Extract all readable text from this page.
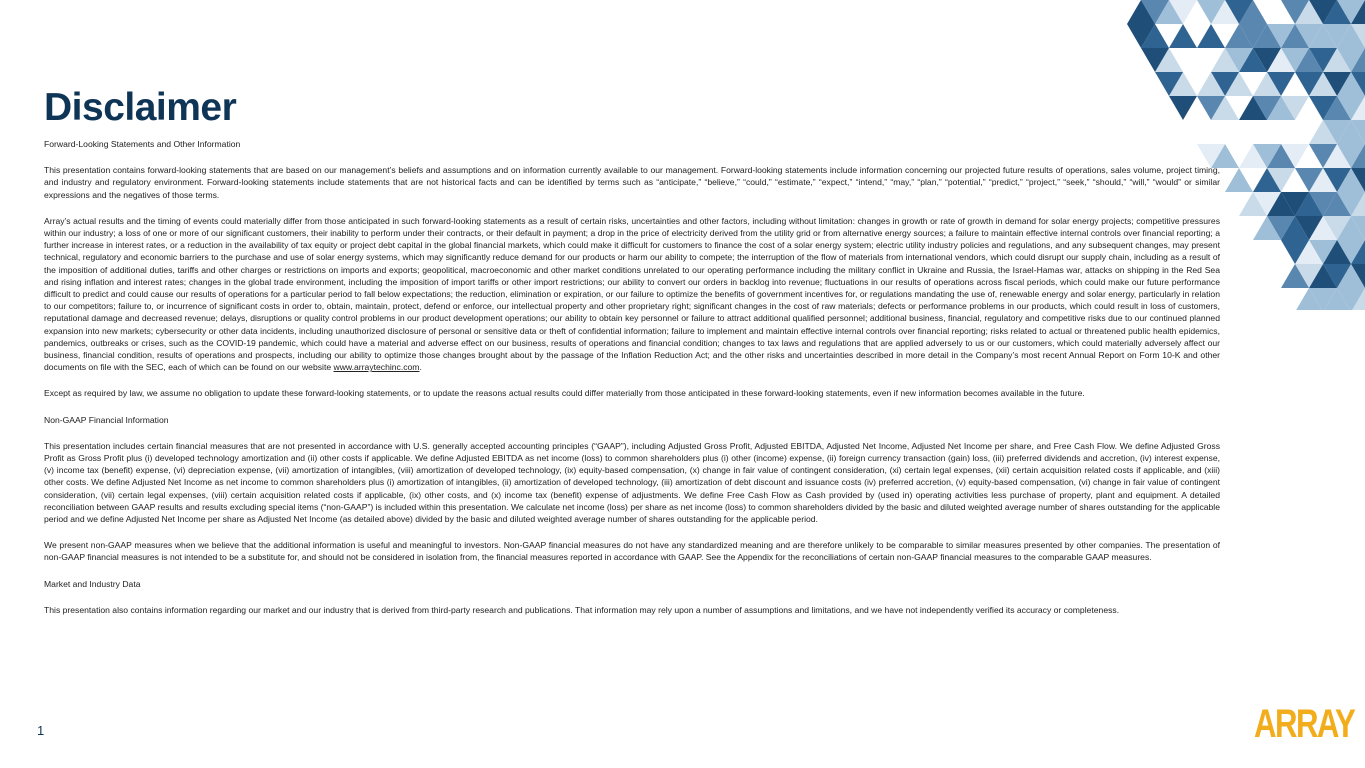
Disclaimer
Forward-Looking Statements and Other Information

This presentation contains forward-looking statements that are based on our management’s beliefs and assumptions and on information currently available to our management. Forward-looking statements include information concerning our projected future results of operations, sales volume, project timing, and industry and regulatory environment. Forward-looking statements include statements that are not historical facts and can be identified by terms such as “anticipate,” “believe,” “could,” “estimate,” “expect,” “intend,” “may,” “plan,” “potential,” “predict,” “project,” “seek,” “should,” “will,” “would” or similar expressions and the negatives of those terms.

Array’s actual results and the timing of events could materially differ from those anticipated in such forward-looking statements as a result of certain risks, uncertainties and other factors, including without limitation: changes in growth or rate of growth in demand for solar energy projects; competitive pressures within our industry; a loss of one or more of our significant customers, their inability to perform under their contracts, or their default in payment; a drop in the price of electricity derived from the utility grid or from alternative energy sources; a failure to maintain effective internal controls over financial reporting; a further increase in interest rates, or a reduction in the availability of tax equity or project debt capital in the global financial markets, which could make it difficult for customers to finance the cost of a solar energy system; electric utility industry policies and regulations, and any subsequent changes, may present technical, regulatory and economic barriers to the purchase and use of solar energy systems, which may significantly reduce demand for our products or harm our ability to compete; the interruption of the flow of materials from international vendors, which could disrupt our supply chain, including as a result of the imposition of additional duties, tariffs and other charges or restrictions on imports and exports; geopolitical, macroeconomic and other market conditions unrelated to our operating performance including the military conflict in Ukraine and Russia, the Israel-Hamas war, attacks on shipping in the Red Sea and rising inflation and interest rates; changes in the global trade environment, including the imposition of import tariffs or other import restrictions; our ability to convert our orders in backlog into revenue; fluctuations in our results of operations across fiscal periods, which could make our future performance difficult to predict and could cause our results of operations for a particular period to fall below expectations; the reduction, elimination or expiration, or our failure to optimize the benefits of government incentives for, or regulations mandating the use of, renewable energy and solar energy, particularly in relation to our competitors; failure to, or incurrence of significant costs in order to, obtain, maintain, protect, defend or enforce, our intellectual property and other proprietary right; significant changes in the cost of raw materials; defects or performance problems in our products, which could result in loss of customers, reputational damage and decreased revenue; delays, disruptions or quality control problems in our product development operations; our ability to obtain key personnel or failure to attract additional qualified personnel; additional business, financial, regulatory and competitive risks due to our continued planned expansion into new markets; cybersecurity or other data incidents, including unauthorized disclosure of personal or sensitive data or theft of confidential information; failure to implement and maintain effective internal controls over financial reporting; risks related to actual or threatened public health epidemics, pandemics, outbreaks or crises, such as the COVID-19 pandemic, which could have a material and adverse effect on our business, results of operations and financial condition; changes to tax laws and regulations that are applied adversely to us or our customers, which could materially adversely affect our business, financial condition, results of operations and prospects, including our ability to optimize those changes brought about by the passage of the Inflation Reduction Act; and the other risks and uncertainties described in more detail in the Company’s most recent Annual Report on Form 10-K and other documents on file with the SEC, each of which can be found on our website www.arraytechinc.com.

Except as required by law, we assume no obligation to update these forward-looking statements, or to update the reasons actual results could differ materially from those anticipated in these forward-looking statements, even if new information becomes available in the future.

Non-GAAP Financial Information

This presentation includes certain financial measures that are not presented in accordance with U.S. generally accepted accounting principles (“GAAP”), including Adjusted Gross Profit, Adjusted EBITDA, Adjusted Net Income, Adjusted Net Income per share, and Free Cash Flow. We define Adjusted Gross Profit as Gross Profit plus (i) developed technology amortization and (ii) other costs if applicable. We define Adjusted EBITDA as net income (loss) to common shareholders plus (i) other (income) expense, (ii) foreign currency transaction (gain) loss, (iii) preferred dividends and accretion, (iv) interest expense, (v) income tax (benefit) expense, (vi) depreciation expense, (vii) amortization of intangibles, (viii) amortization of developed technology, (ix) equity-based compensation, (x) change in fair value of contingent consideration, (xi) certain legal expenses, (xii) certain acquisition related costs if applicable, and (xiii) other costs. We define Adjusted Net Income as net income to common shareholders plus (i) amortization of intangibles, (ii) amortization of developed technology, (iii) amortization of debt discount and issuance costs (iv) preferred accretion, (v) equity-based compensation, (vi) change in fair value of contingent consideration, (vii) certain legal expenses, (viii) certain acquisition related costs if applicable, (ix) other costs, and (x) income tax (benefit) expense of adjustments. We define Free Cash Flow as Cash provided by (used in) operating activities less purchase of property, plant and equipment. A detailed reconciliation between GAAP results and results excluding special items (“non-GAAP”) is included within this presentation. We calculate net income (loss) per share as net income (loss) to common shareholders divided by the basic and diluted weighted average number of shares outstanding for the applicable period and we define Adjusted Net Income per share as Adjusted Net Income (as detailed above) divided by the basic and diluted weighted average number of shares outstanding for the applicable period.

We present non-GAAP measures when we believe that the additional information is useful and meaningful to investors. Non-GAAP financial measures do not have any standardized meaning and are therefore unlikely to be comparable to similar measures presented by other companies. The presentation of non-GAAP financial measures is not intended to be a substitute for, and should not be considered in isolation from, the financial measures reported in accordance with GAAP. See the Appendix for the reconciliations of certain non-GAAP financial measures to the comparable GAAP measures.

Market and Industry Data

This presentation also contains information regarding our market and our industry that is derived from third-party research and publications. That information may rely upon a number of assumptions and limitations, and we have not independently verified its accuracy or completeness.

1	ARRAY
